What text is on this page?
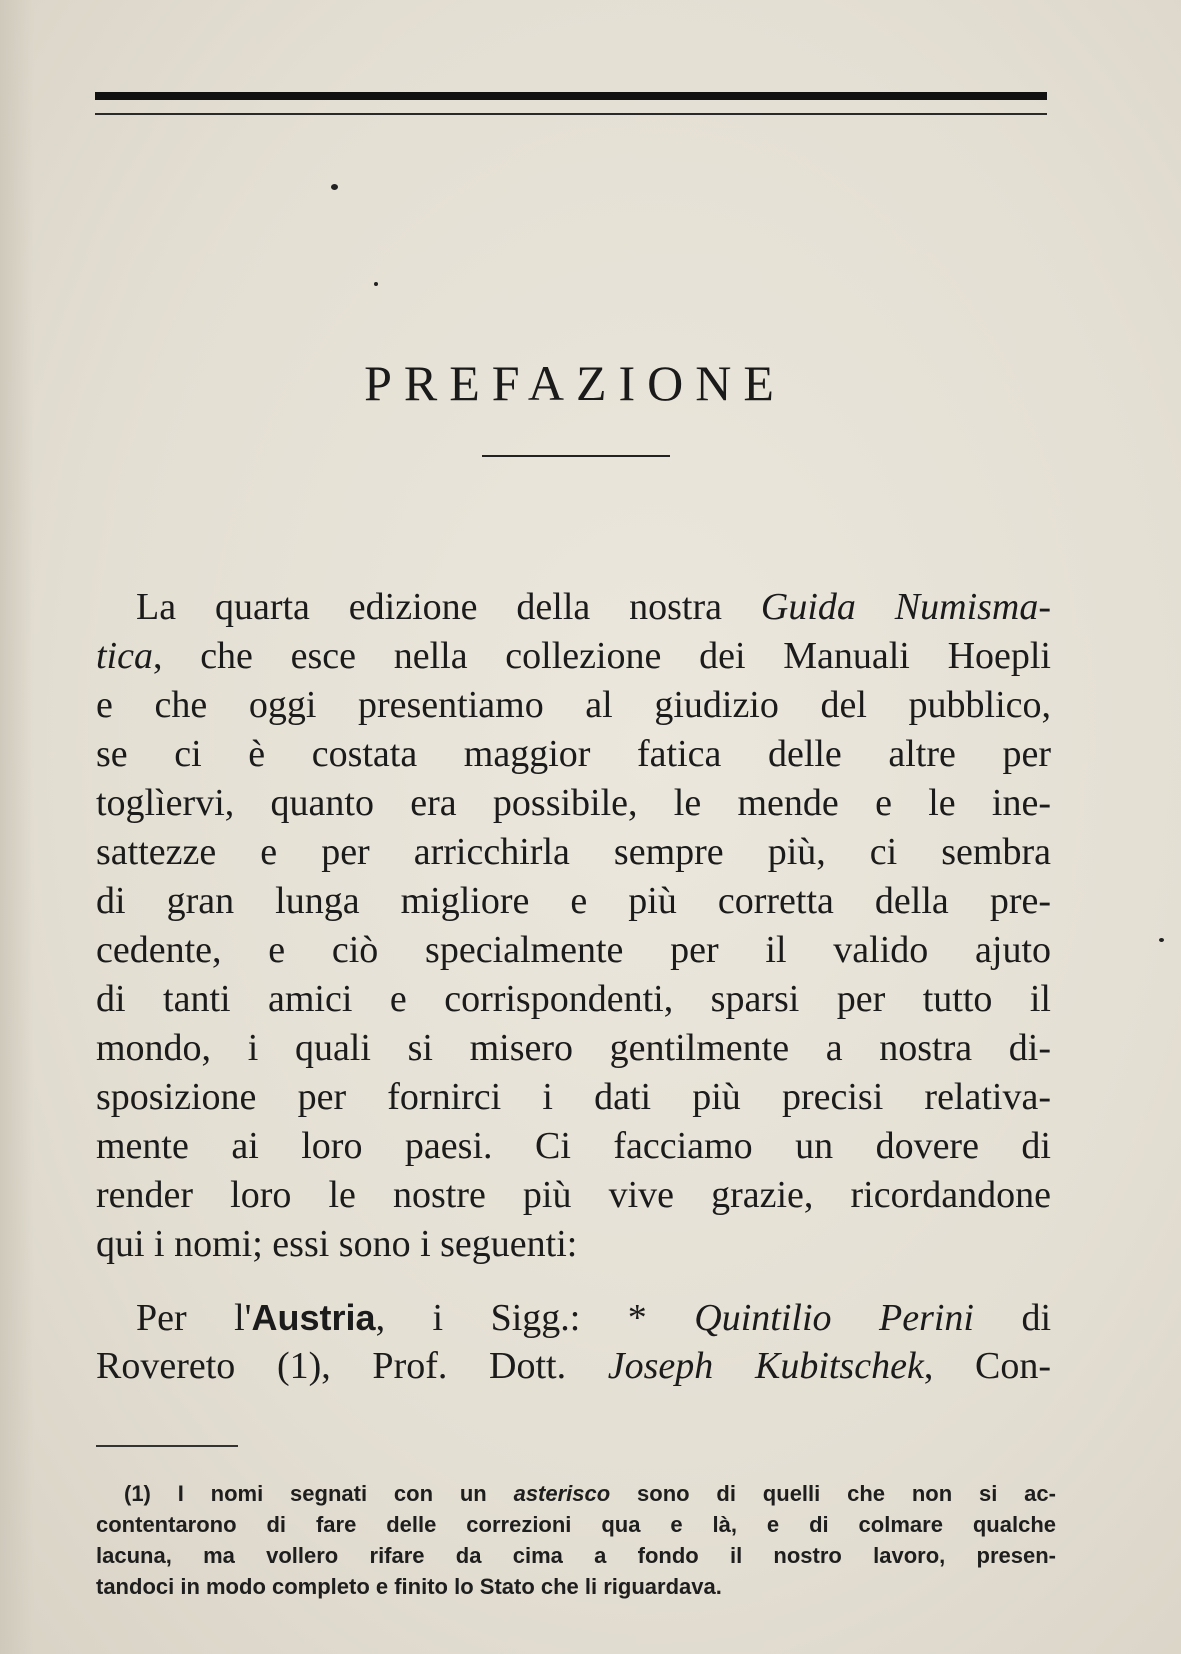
PREFAZIONE
La quarta edizione della nostra Guida Numisma-
tica, che esce nella collezione dei Manuali Hoepli
e che oggi presentiamo al giudizio del pubblico,
se ci è costata maggior fatica delle altre per
toglìervi, quanto era possibile, le mende e le ine-
sattezze e per arricchirla sempre più, ci sembra
di gran lunga migliore e più corretta della pre-
cedente, e ciò specialmente per il valido ajuto
di tanti amici e corrispondenti, sparsi per tutto il
mondo, i quali si misero gentilmente a nostra di-
sposizione per fornirci i dati più precisi relativa-
mente ai loro paesi. Ci facciamo un dovere di
render loro le nostre più vive grazie, ricordandone
qui i nomi; essi sono i seguenti:
Per l'Austria, i Sigg.: * Quintilio Perini di
Rovereto (1), Prof. Dott. Joseph Kubitschek, Con-
(1) I nomi segnati con un asterisco sono di quelli che non si ac-
contentarono di fare delle correzioni qua e là, e di colmare qualche
lacuna, ma vollero rifare da cima a fondo il nostro lavoro, presen-
tandoci in modo completo e finito lo Stato che li riguardava.
